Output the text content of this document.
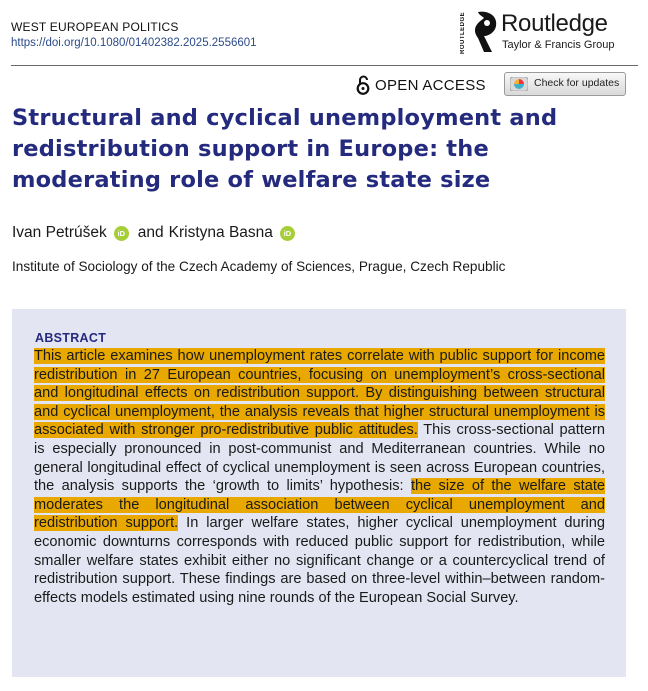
WEST EUROPEAN POLITICS
https://doi.org/10.1080/01402382.2025.2556601	ROUTLEDGE Routledge
Taylor & Francis Group
OPEN ACCESS	Check for updates
Structural and cyclical unemployment and redistribution support in Europe: the moderating role of welfare state size
Ivan Petrúšek	iD and Kristyna Basna	iD
Institute of Sociology of the Czech Academy of Sciences, Prague, Czech Republic
ABSTRACT

This article examines how unemployment rates correlate with public support for income redistribution in 27 European countries, focusing on unemployment’s cross-sectional and longitudinal effects on redistribution support. By distinguishing between structural and cyclical unemployment, the analysis reveals that higher structural unemployment is associated with stronger pro-redistributive public attitudes. This cross-sectional pattern is especially pronounced in post-communist and Mediterranean countries. While no general longitudinal effect of cyclical unemployment is seen across European countries, the analysis supports the ‘growth to limits’ hypothesis: the size of the welfare state moderates the longitudinal association between cyclical unemployment and redistribution support. In larger welfare states, higher cyclical unemployment during economic downturns corresponds with reduced public support for redistribution, while smaller welfare states exhibit either no significant change or a countercyclical trend of redistribution support. These findings are based on three-level within–between random-effects models estimated using nine rounds of the European Social Survey.
